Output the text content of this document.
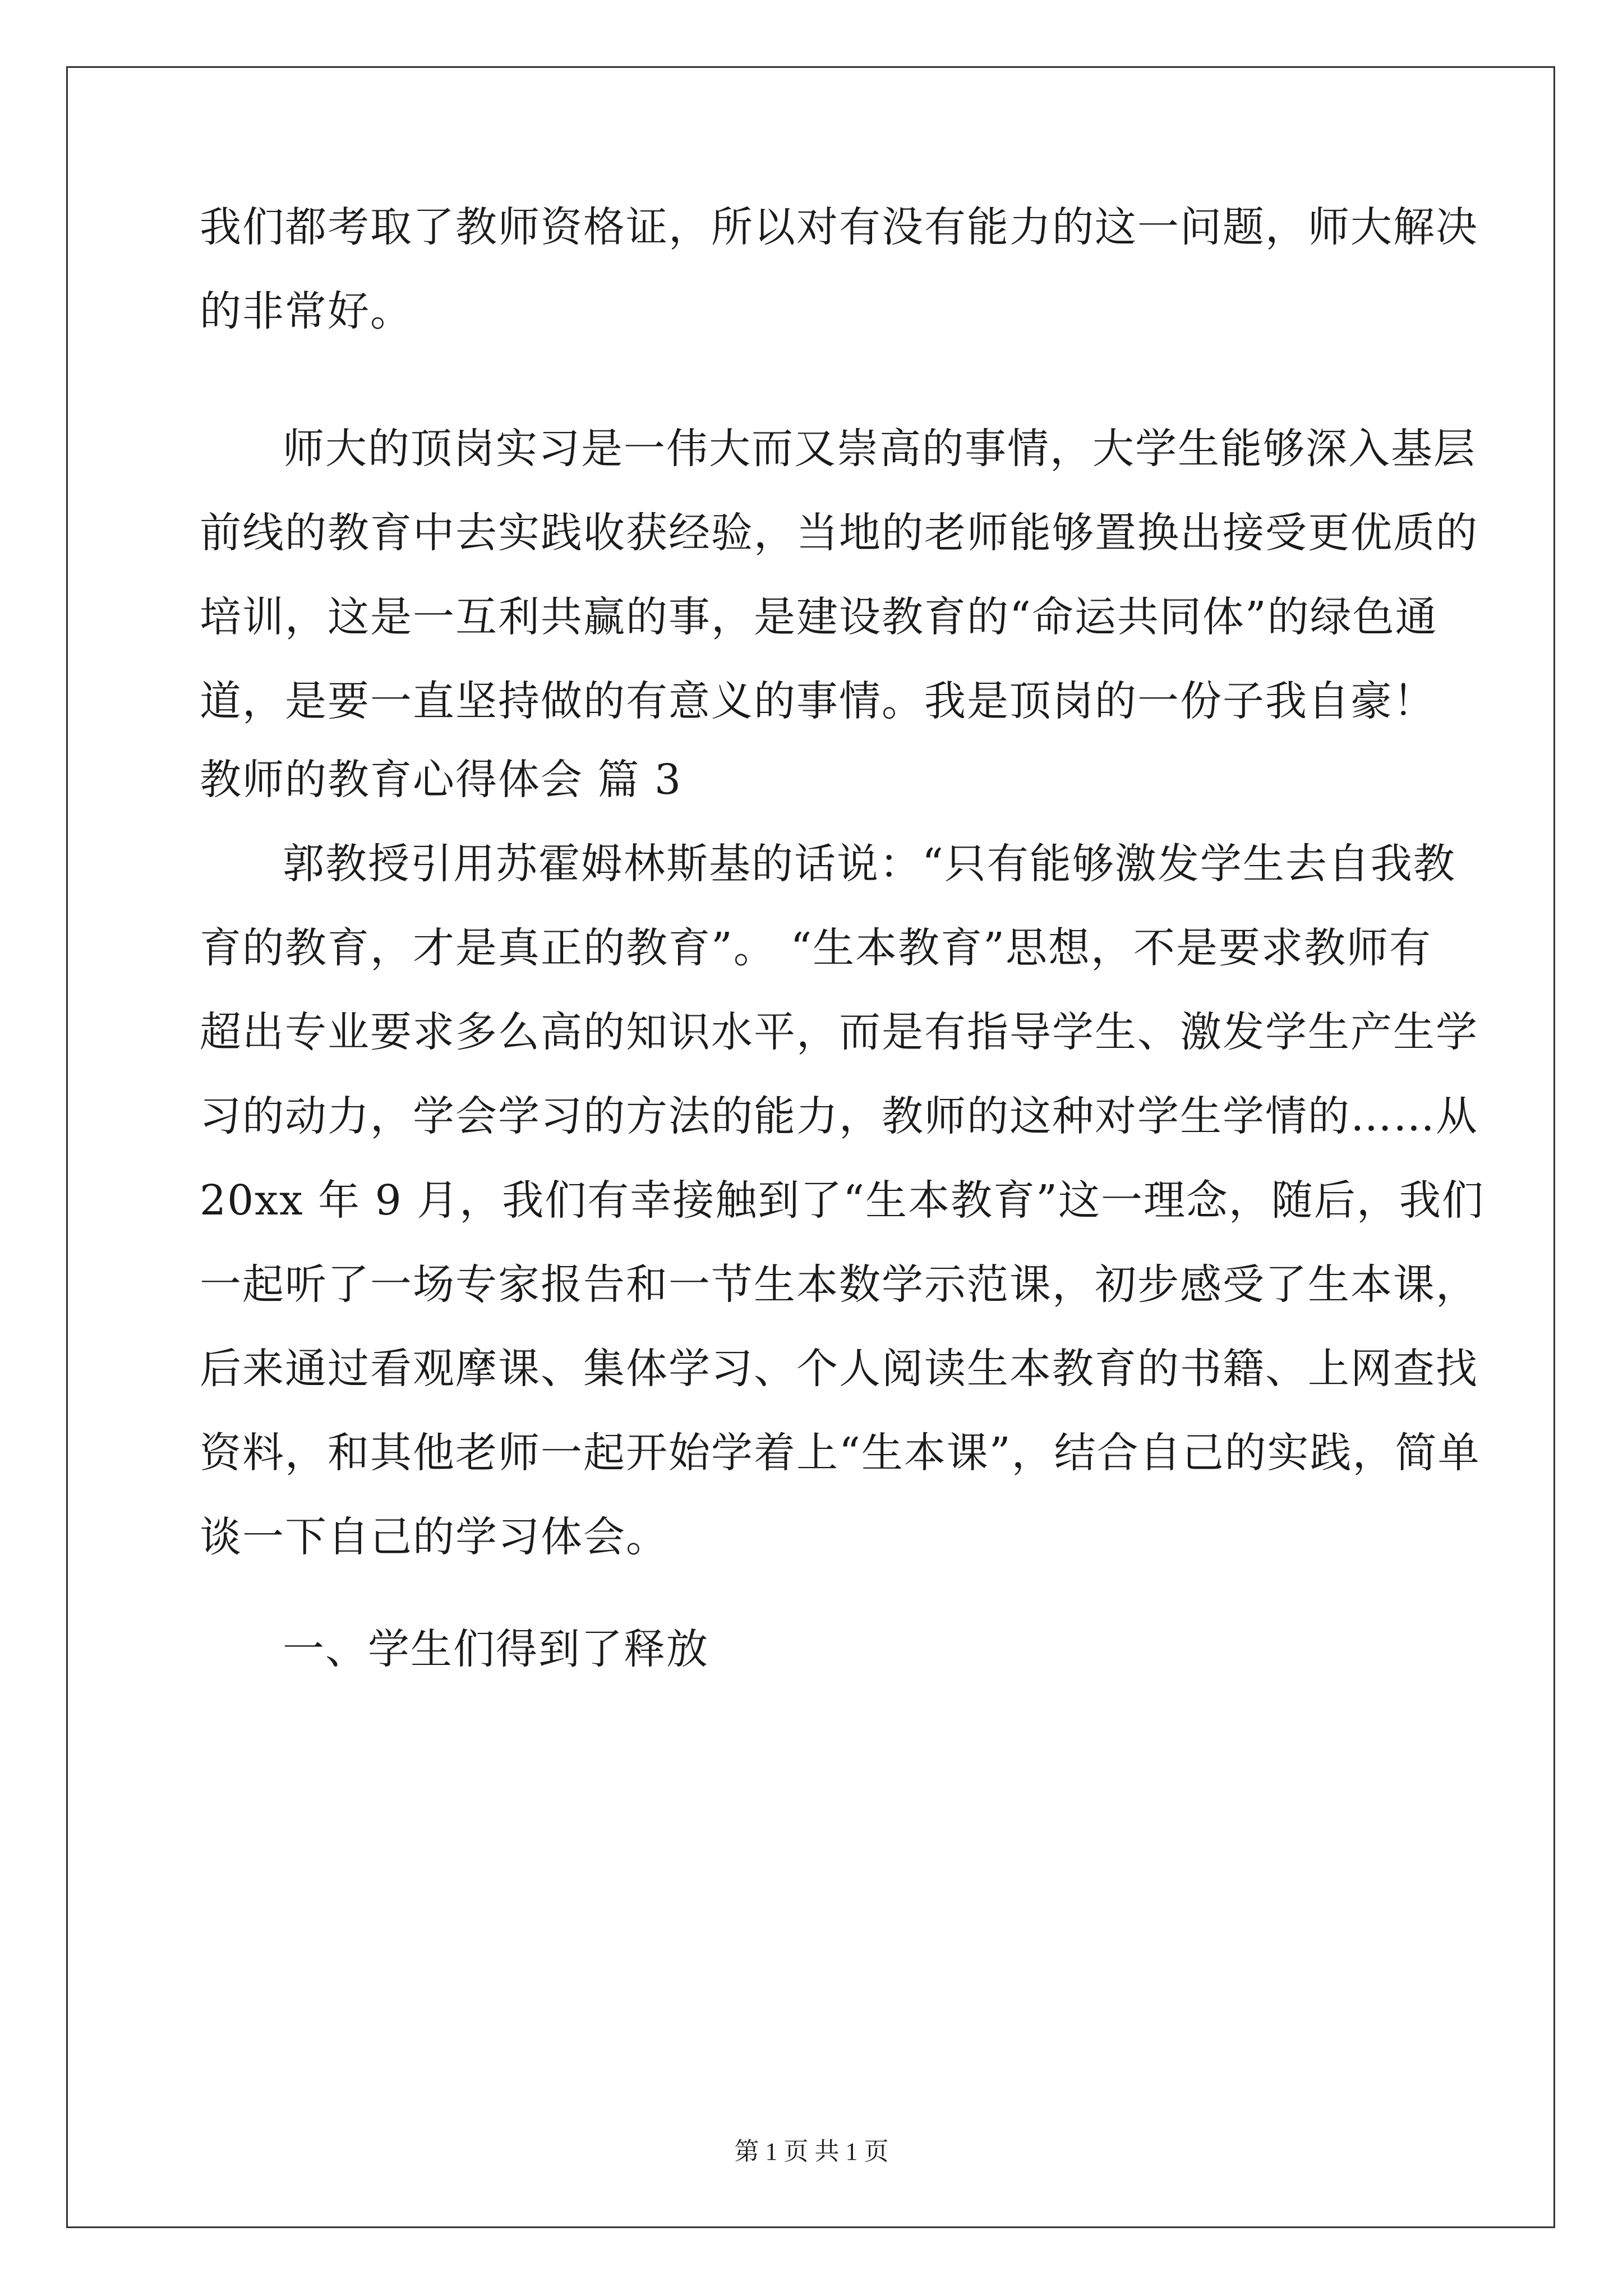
我们都考取了教师资格证，所以对有没有能力的这一问题，师大解决
的非常好。
师大的顶岗实习是一伟大而又崇高的事情，大学生能够深入基层
前线的教育中去实践收获经验，当地的老师能够置换出接受更优质的
培训，这是一互利共赢的事，是建设教育的“命运共同体”的绿色通
道，是要一直坚持做的有意义的事情。我是顶岗的一份子我自豪！
教师的教育心得体会 篇 3
郭教授引用苏霍姆林斯基的话说：“只有能够激发学生去自我教
育的教育，才是真正的教育”。 “生本教育”思想，不是要求教师有
超出专业要求多么高的知识水平，而是有指导学生、激发学生产生学
习的动力，学会学习的方法的能力，教师的这种对学生学情的……从
20xx 年 9 月，我们有幸接触到了“生本教育”这一理念，随后，我们
一起听了一场专家报告和一节生本数学示范课，初步感受了生本课，
后来通过看观摩课、集体学习、个人阅读生本教育的书籍、上网查找
资料，和其他老师一起开始学着上“生本课”，结合自己的实践，简单
谈一下自己的学习体会。
一、学生们得到了释放
第 1 页 共 1 页
